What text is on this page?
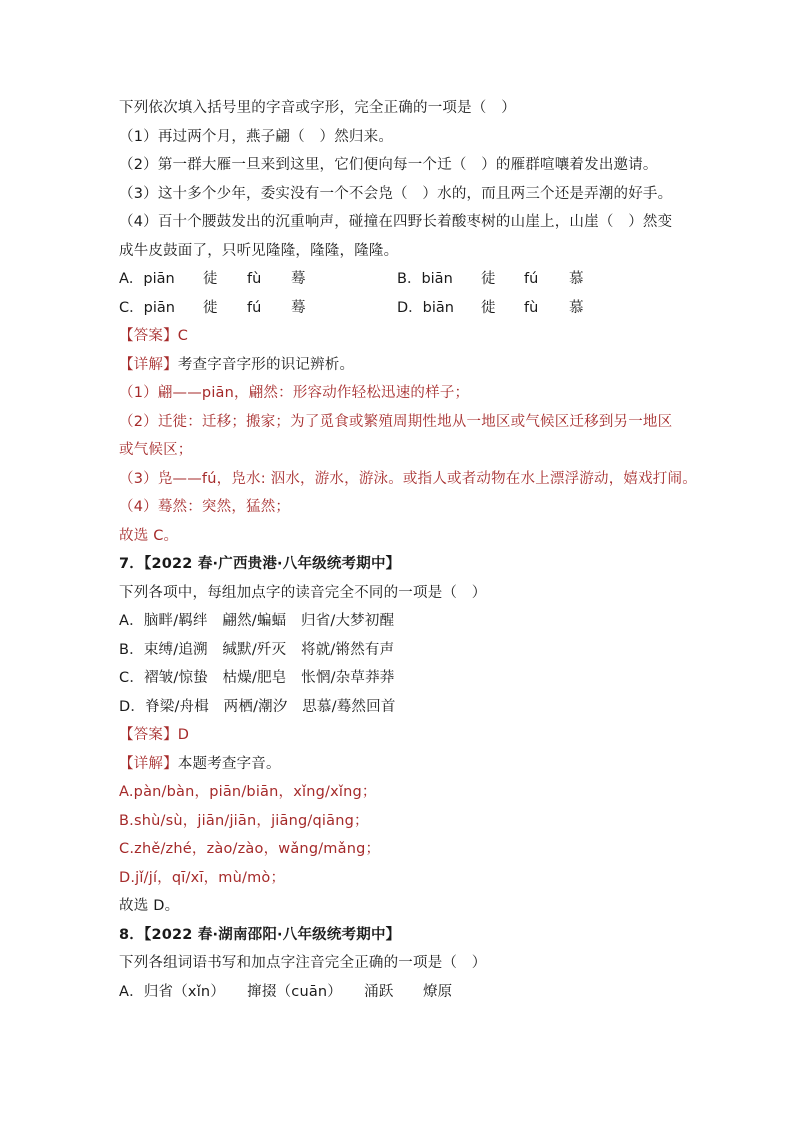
下列依次填入括号里的字音或字形，完全正确的一项是（　）
（1）再过两个月，燕子翩（　）然归来。
（2）第一群大雁一旦来到这里，它们便向每一个迁（　）的雁群喧嚷着发出邀请。
（3）这十多个少年，委实没有一个不会凫（　）水的，而且两三个还是弄潮的好手。
（4）百十个腰鼓发出的沉重响声，碰撞在四野长着酸枣树的山崖上，山崖（　）然变
成牛皮鼓面了，只听见隆隆，隆隆，隆隆。
A．piān 徒 fù 蓦	B．biān 徒 fú 慕
C．piān 徙 fú 蓦	D．biān 徙 fù 慕
【答案】C
【详解】考查字音字形的识记辨析。
（1）翩——piān，翩然：形容动作轻松迅速的样子；
（2）迁徙：迁移；搬家；为了觅食或繁殖周期性地从一地区或气候区迁移到另一地区
或气候区；
（3）凫——fú，凫水: 泅水，游水，游泳。或指人或者动物在水上漂浮游动，嬉戏打闹。
（4）蓦然：突然，猛然；
故选 C。
7．【2022 春·广西贵港·八年级统考期中】
下列各项中，每组加点字的读音完全不同的一项是（　）
A．脑畔/羁绊　翩然/蝙蝠　归省/大梦初醒
B．束缚/追溯　缄默/歼灭　将就/锵然有声
C．褶皱/惊蛰　枯燥/肥皂　怅惘/杂草莽莽
D．脊梁/舟楫　两栖/潮汐　思慕/蓦然回首
【答案】D
【详解】本题考查字音。
A.pàn/bàn，piān/biān，xǐng/xǐng；
B.shù/sù，jiān/jiān，jiāng/qiāng；
C.zhě/zhé，zào/zào，wǎng/mǎng；
D.jǐ/jí，qī/xī，mù/mò；
故选 D。
8．【2022 春·湖南邵阳·八年级统考期中】
下列各组词语书写和加点字注音完全正确的一项是（　）
A．归省（xǐn）　　撺掇（cuān）　　涌跃　　燎原
